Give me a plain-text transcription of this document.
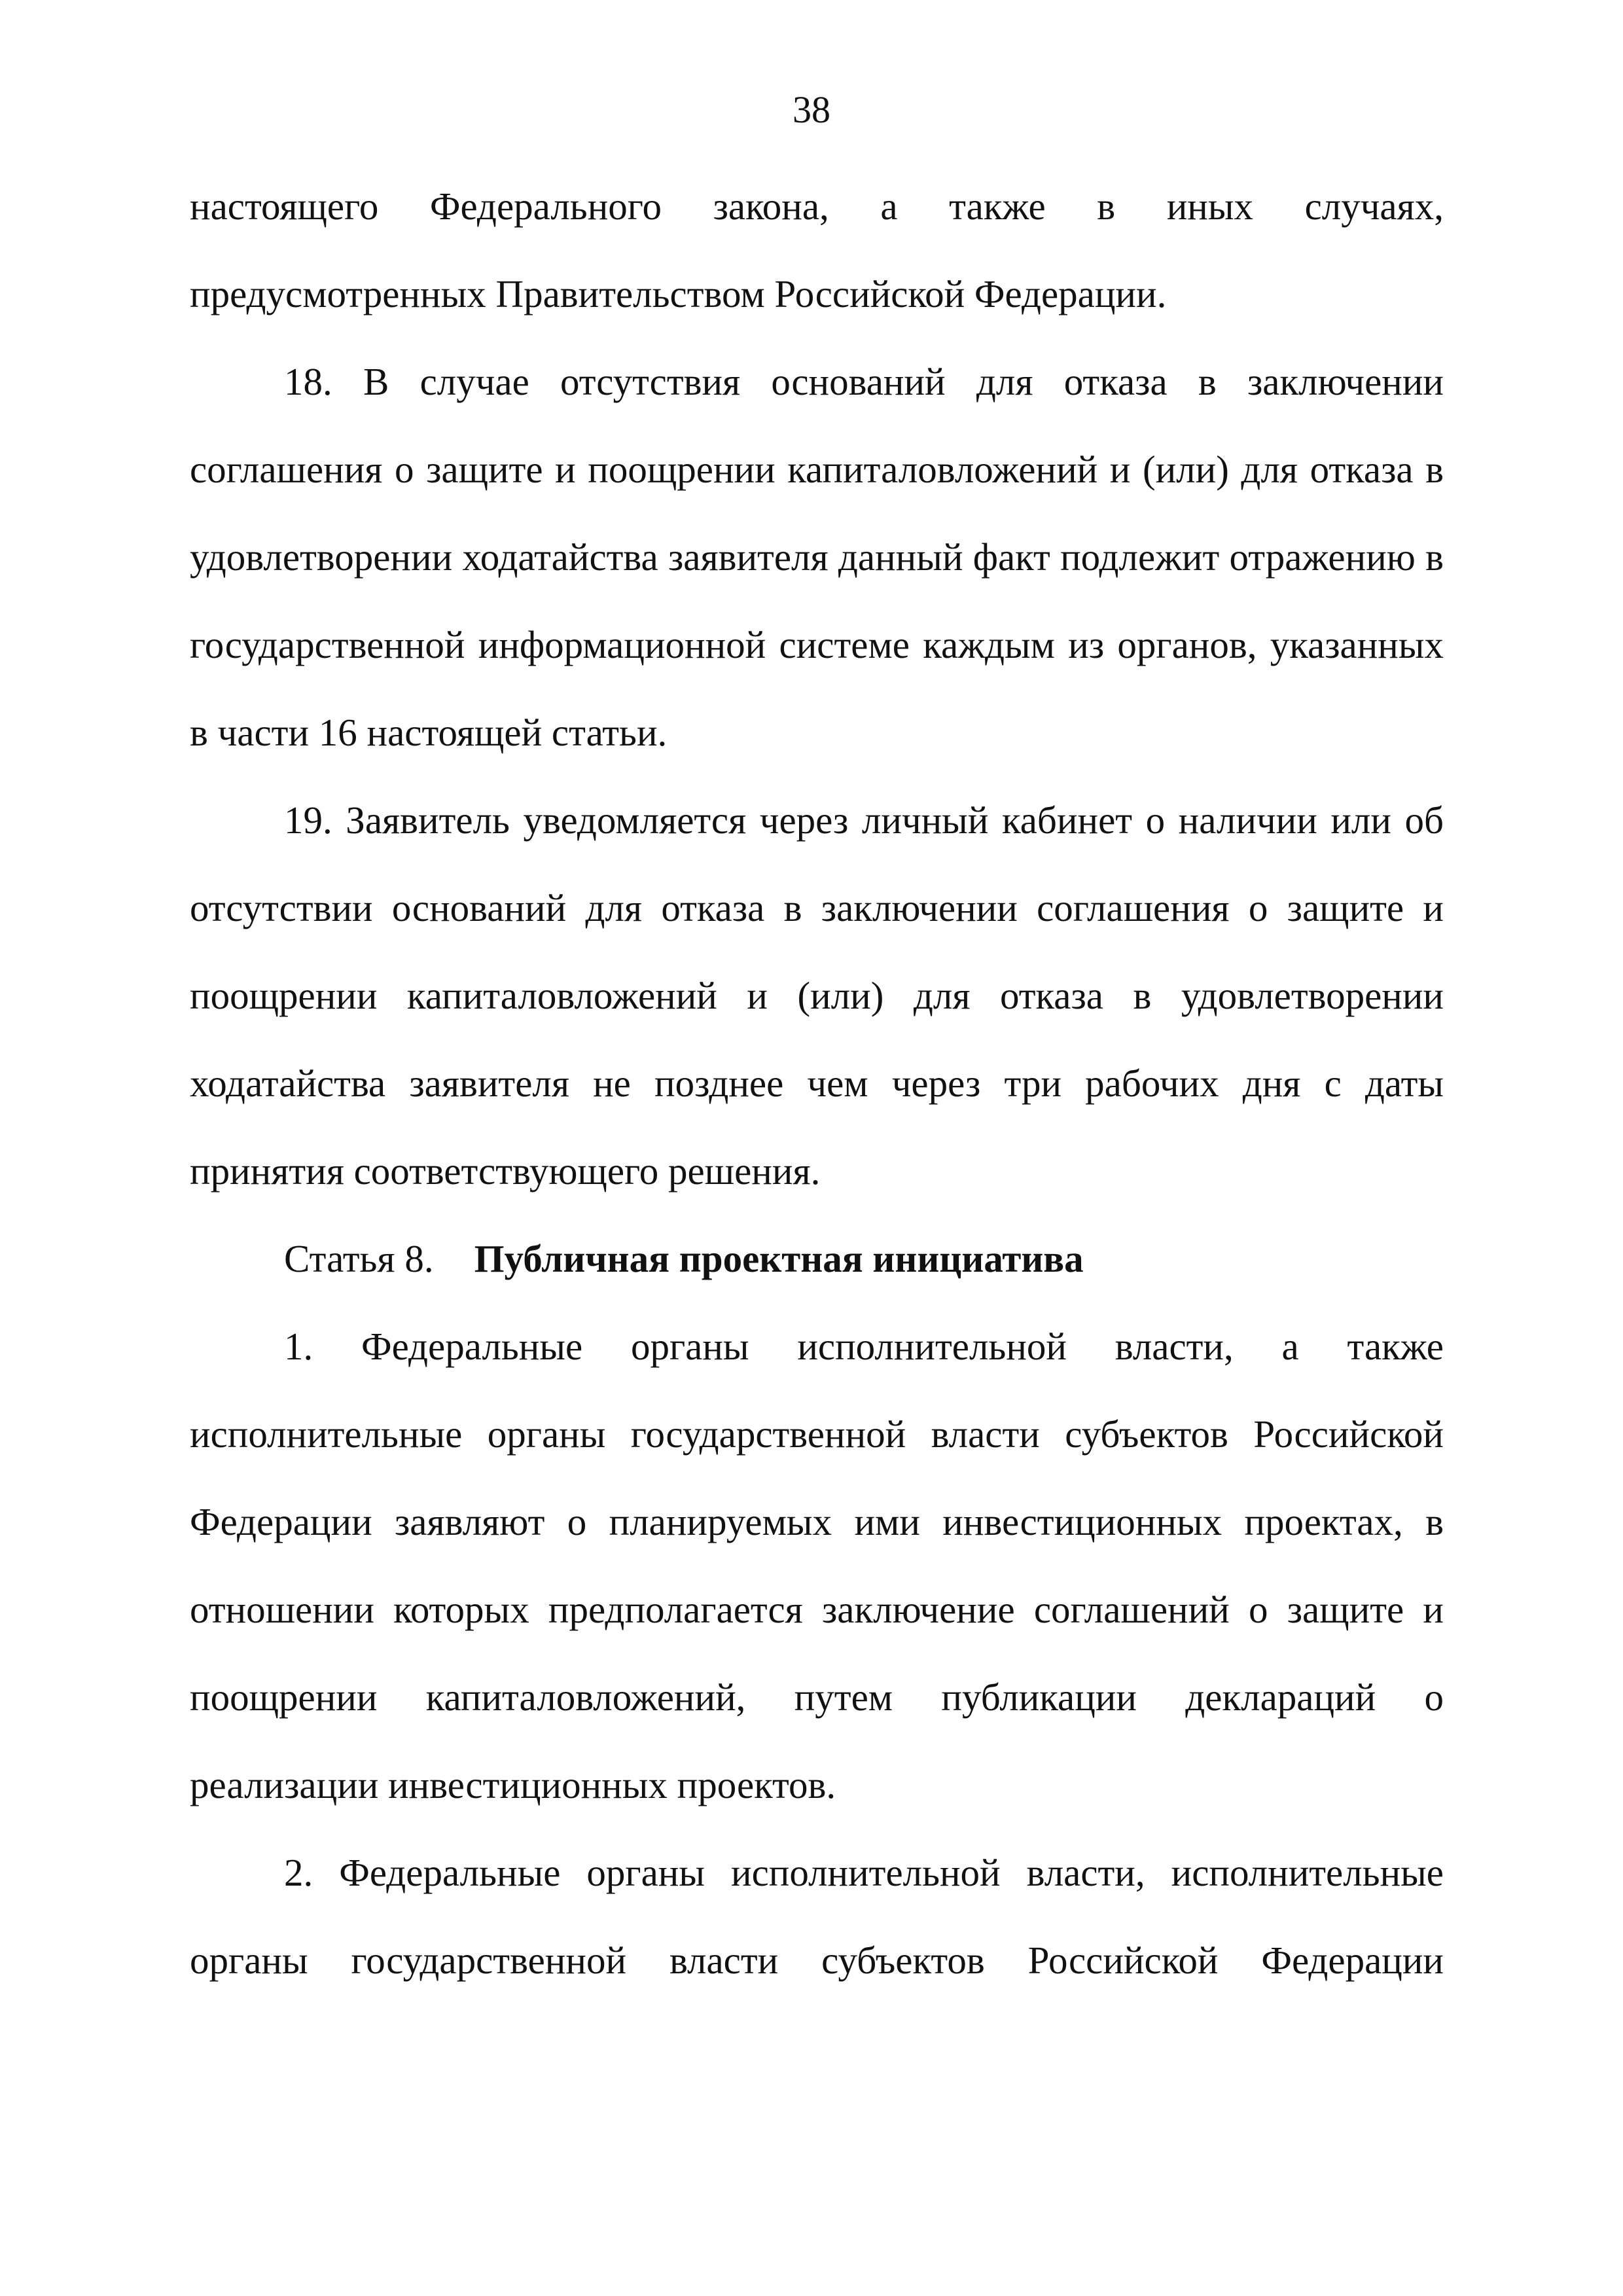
38

настоящего Федерального закона, а также в иных случаях, предусмотренных Правительством Российской Федерации.

18. В случае отсутствия оснований для отказа в заключении соглашения о защите и поощрении капиталовложений и (или) для отказа в удовлетворении ходатайства заявителя данный факт подлежит отражению в государственной информационной системе каждым из органов, указанных в части 16 настоящей статьи.

19. Заявитель уведомляется через личный кабинет о наличии или об отсутствии оснований для отказа в заключении соглашения о защите и поощрении капиталовложений и (или) для отказа в удовлетворении ходатайства заявителя не позднее чем через три рабочих дня с даты принятия соответствующего решения.

Статья 8. Публичная проектная инициатива

1. Федеральные органы исполнительной власти, а также исполнительные органы государственной власти субъектов Российской Федерации заявляют о планируемых ими инвестиционных проектах, в отношении которых предполагается заключение соглашений о защите и поощрении капиталовложений, путем публикации деклараций о реализации инвестиционных проектов.

2. Федеральные органы исполнительной власти, исполнительные органы государственной власти субъектов Российской Федерации
